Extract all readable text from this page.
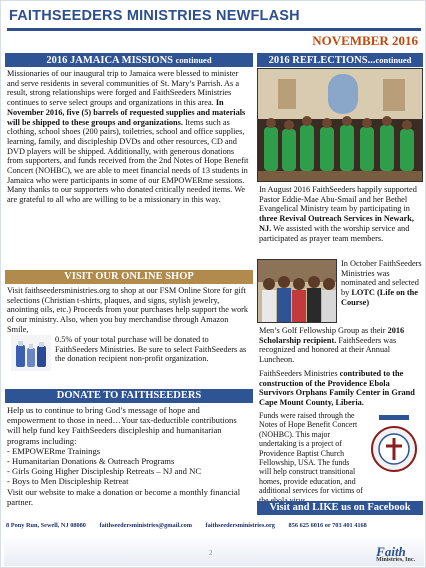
FAITHSEEDERS MINISTRIES NEWFLASH
NOVEMBER 2016
2016 JAMAICA MISSIONS continued
Missionaries of our inaugural trip to Jamaica were blessed to minister and serve residents in several communities of St. Mary’s Parrish. As a result, strong relationships were forged and FaithSeeders Ministries continues to serve select groups and organizations in this area. In November 2016, five (5) barrels of requested supplies and materials will be shipped to these groups and organizations. Items such as clothing, school shoes (200 pairs), toiletries, school and office supplies, learning, family, and discipleship DVDs and other resources, CD and DVD players will be shipped. Additionally, with generous donations from supporters, and funds received from the 2nd Notes of Hope Benefit Concert (NOHBC), we are able to meet financial needs of 13 students in Jamaica who were participants in some of our EMPOWERme sessions. Many thanks to our supporters who donated critically needed items. We are grateful to all who are willing to be a missionary in this way.
VISIT OUR ONLINE SHOP
Visit faithseedersministries.org to shop at our FSM Online Store for gift selections (Christian t-shirts, plaques, and signs, stylish jewelry, anointing oils, etc.) Proceeds from your purchases help support the work of our ministry. Also, when you buy merchandise through Amazon Smile,
0.5% of your total purchase will be donated to FaithSeeders Ministries. Be sure to select FaithSeeders as the donation recipient non-profit organization.
DONATE TO FAITHSEEDERS
Help us to continue to bring God’s message of hope and empowerment to those in need…Your tax-deductible contributions will help fund key FaithSeeders discipleship and humanitarian programs including:
- EMPOWERme Trainings
- Humanitarian Donations & Outreach Programs
- Girls Going Higher Discipleship Retreats – NJ and NC
- Boys to Men Discipleship Retreat
Visit our website to make a donation or become a monthly financial partner.
2016 REFLECTIONS...continued
In August 2016 FaithSeeders happily supported Pastor Eddie-Mae Abu-Smail and her Bethel Evangelical Ministry team by participating in three Revival Outreach Services in Newark, NJ. We assisted with the worship service and participated as prayer team members.
In October FaithSeeders Ministries was nominated and selected by LOTC (Life on the Course)
Men’s Golf Fellowship Group as their 2016 Scholarship recipient. FaithSeeders was recognized and honored at their Annual Luncheon.
FaithSeeders Ministries contributed to the construction of the Providence Ebola Survivors Orphans Family Center in Grand Cape Mount County, Liberia.
Funds were raised through the Notes of Hope Benefit Concert (NOHBC). This major undertaking is a project of Providence Baptist Church Fellowship, USA. The funds will help construct transitional homes, provide education, and additional services for victims of
Visit and LIKE us on Facebook
8 Pony Run, Sewell, NJ 08080 faithseedersministries@gmail.com faithseedersministries.org 856 625 6016 or 703 401 4168
2	Faith
Ministries, Inc.
